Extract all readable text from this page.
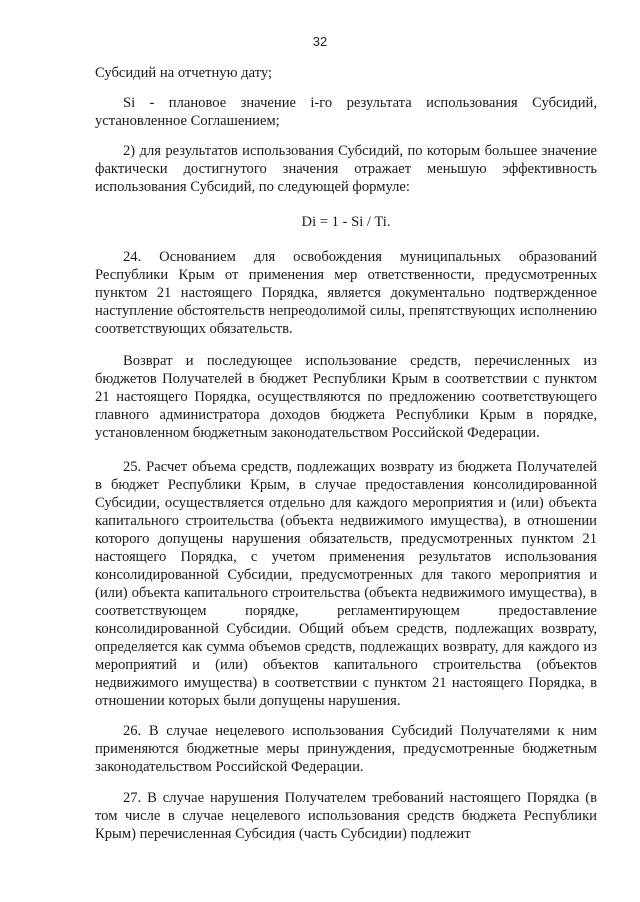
32

Субсидий на отчетную дату;

Si - плановое значение i-го результата использования Субсидий, установленное Соглашением;

2) для результатов использования Субсидий, по которым большее значение фактически достигнутого значения отражает меньшую эффективность использования Субсидий, по следующей формуле:

Di = 1 - Si / Ti.

24. Основанием для освобождения муниципальных образований Республики Крым от применения мер ответственности, предусмотренных пунктом 21 настоящего Порядка, является документально подтвержденное наступление обстоятельств непреодолимой силы, препятствующих исполнению соответствующих обязательств.

Возврат и последующее использование средств, перечисленных из бюджетов Получателей в бюджет Республики Крым в соответствии с пунктом 21 настоящего Порядка, осуществляются по предложению соответствующего главного администратора доходов бюджета Республики Крым в порядке, установленном бюджетным законодательством Российской Федерации.

25. Расчет объема средств, подлежащих возврату из бюджета Получателей в бюджет Республики Крым, в случае предоставления консолидированной Субсидии, осуществляется отдельно для каждого мероприятия и (или) объекта капитального строительства (объекта недвижимого имущества), в отношении которого допущены нарушения обязательств, предусмотренных пунктом 21 настоящего Порядка, с учетом применения результатов использования консолидированной Субсидии, предусмотренных для такого мероприятия и (или) объекта капитального строительства (объекта недвижимого имущества), в соответствующем порядке, регламентирующем предоставление консолидированной Субсидии. Общий объем средств, подлежащих возврату, определяется как сумма объемов средств, подлежащих возврату, для каждого из мероприятий и (или) объектов капитального строительства (объектов недвижимого имущества) в соответствии с пунктом 21 настоящего Порядка, в отношении которых были допущены нарушения.

26. В случае нецелевого использования Субсидий Получателями к ним применяются бюджетные меры принуждения, предусмотренные бюджетным законодательством Российской Федерации.

27. В случае нарушения Получателем требований настоящего Порядка (в том числе в случае нецелевого использования средств бюджета Республики Крым) перечисленная Субсидия (часть Субсидии) подлежит
